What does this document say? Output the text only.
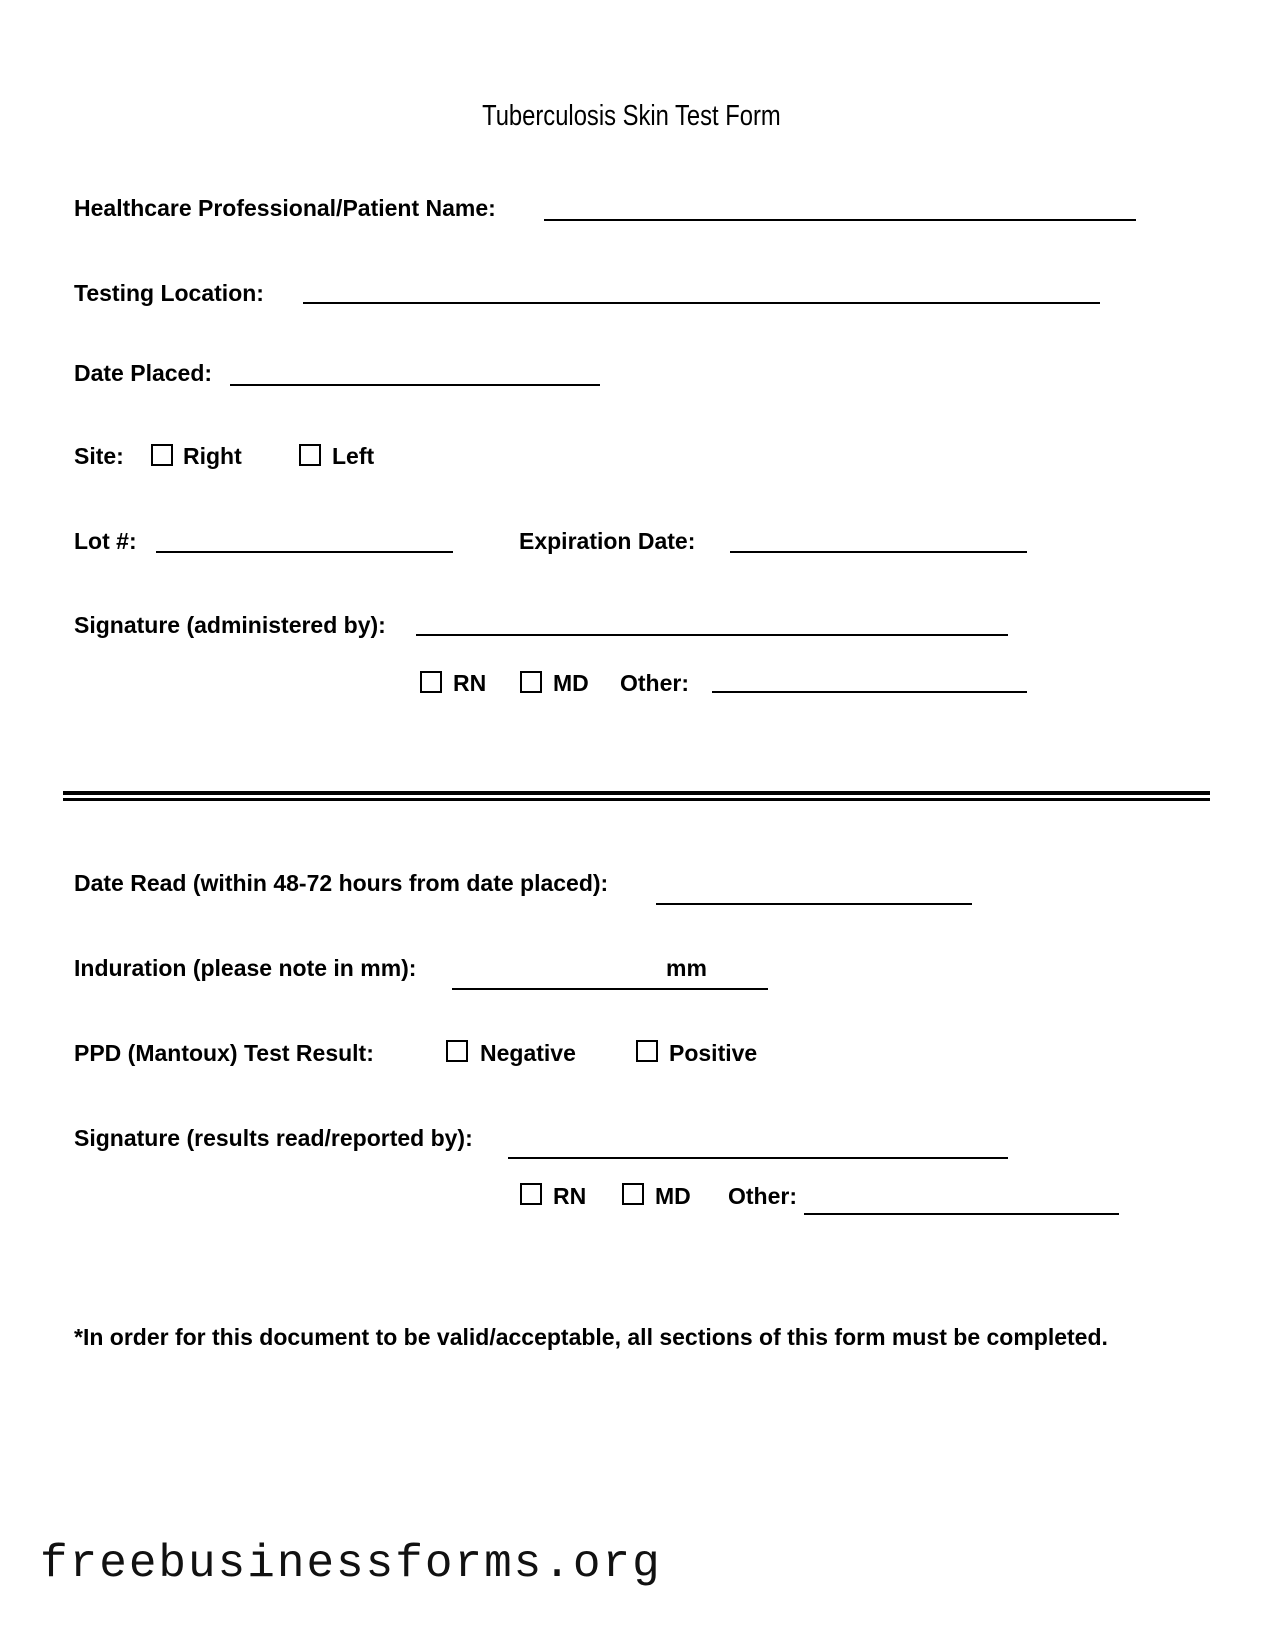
Tuberculosis Skin Test Form
Healthcare Professional/Patient Name:
Testing Location:
Date Placed:
Site:	Right	Left
Lot #:	Expiration Date:
Signature (administered by):
RN	MD Other:
Date Read (within 48-72 hours from date placed):
Induration (please note in mm):	mm
PPD (Mantoux) Test Result:	Negative	Positive
Signature (results read/reported by):
RN	MD Other:
*In order for this document to be valid/acceptable, all sections of this form must be completed.
freebusinessforms.org
